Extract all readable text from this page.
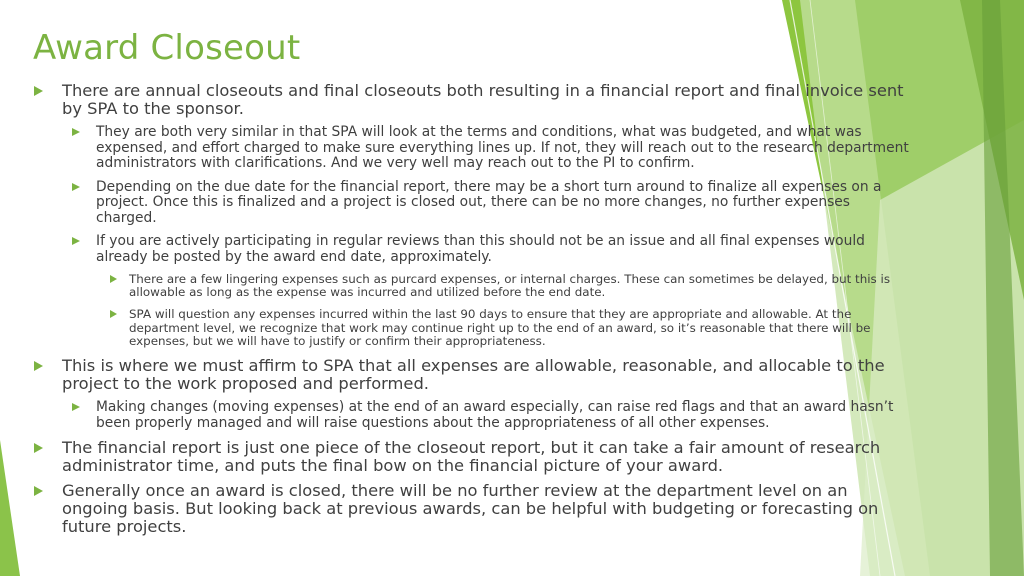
Award Closeout
There are annual closeouts and final closeouts both resulting in a financial report and final invoice sent by SPA to the sponsor.
They are both very similar in that SPA will look at the terms and conditions, what was budgeted, and what was expensed, and effort charged to make sure everything lines up. If not, they will reach out to the research department administrators with clarifications. And we very well may reach out to the PI to confirm.
Depending on the due date for the financial report, there may be a short turn around to finalize all expenses on a project. Once this is finalized and a project is closed out, there can be no more changes, no further expenses charged.
If you are actively participating in regular reviews than this should not be an issue and all final expenses would already be posted by the award end date, approximately.
There are a few lingering expenses such as purcard expenses, or internal charges. These can sometimes be delayed, but this is allowable as long as the expense was incurred and utilized before the end date.
SPA will question any expenses incurred within the last 90 days to ensure that they are appropriate and allowable. At the department level, we recognize that work may continue right up to the end of an award, so it’s reasonable that there will be expenses, but we will have to justify or confirm their appropriateness.
This is where we must affirm to SPA that all expenses are allowable, reasonable, and allocable to the project to the work proposed and performed.
Making changes (moving expenses) at the end of an award especially, can raise red flags and that an award hasn’t been properly managed and will raise questions about the appropriateness of all other expenses.
The financial report is just one piece of the closeout report, but it can take a fair amount of research administrator time, and puts the final bow on the financial picture of your award.
Generally once an award is closed, there will be no further review at the department level on an ongoing basis. But looking back at previous awards, can be helpful with budgeting or forecasting on future projects.
